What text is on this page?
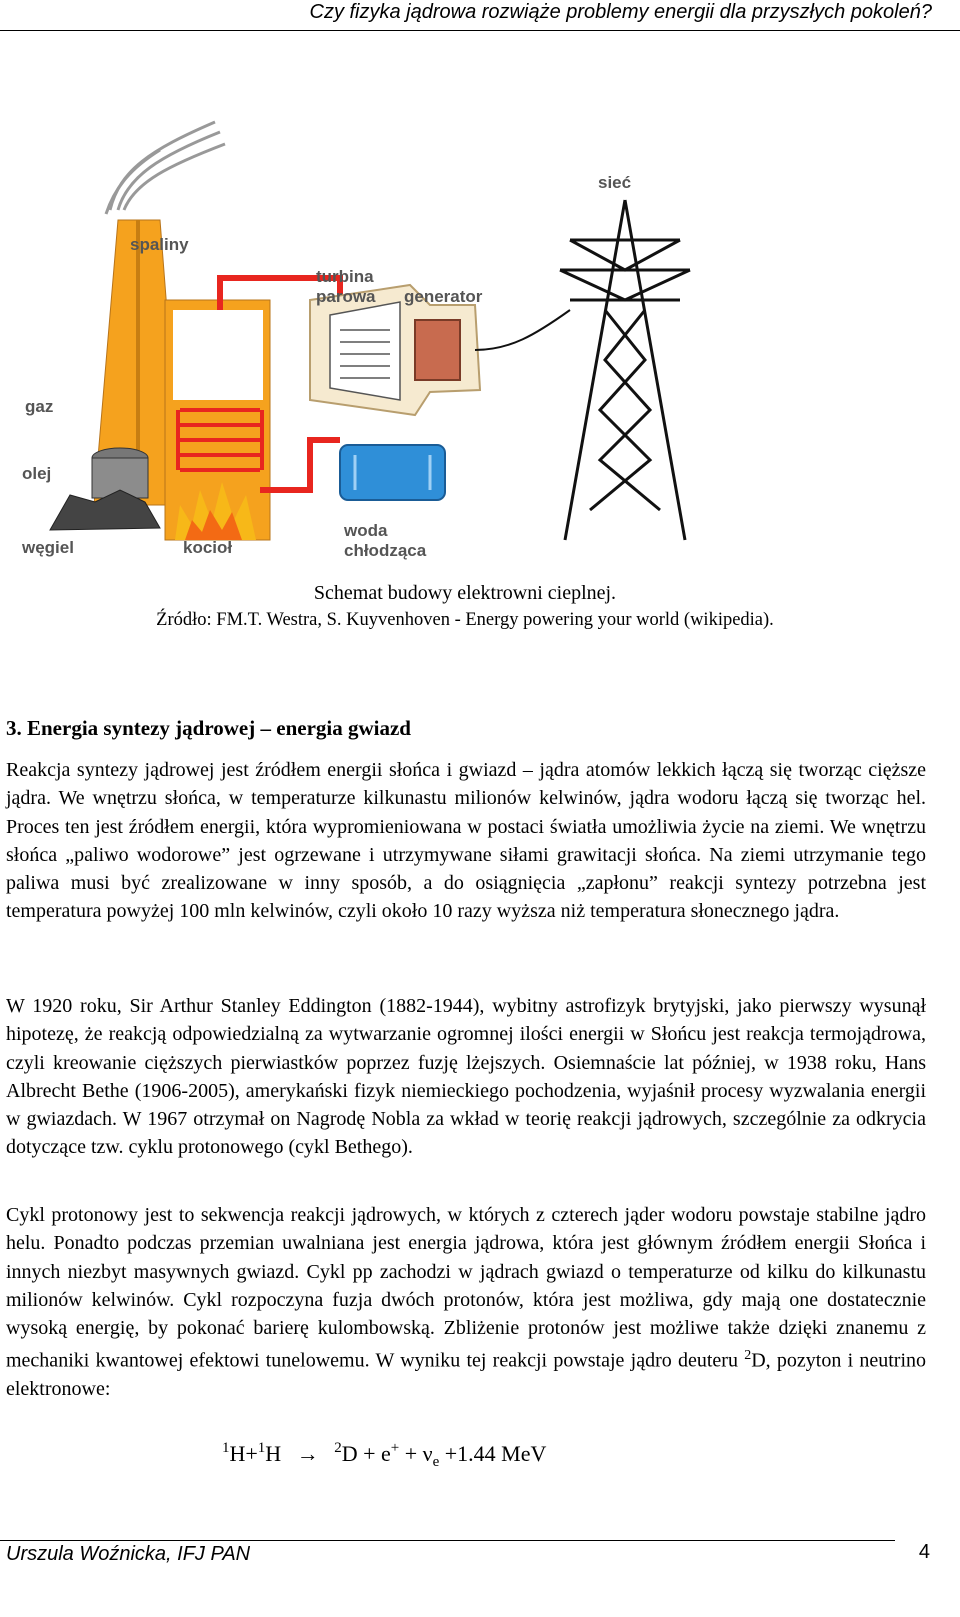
Czy fizyka jądrowa rozwiąże problemy energii dla przyszłych pokoleń?
spaliny
turbina
parowa generator
sieć
gaz
olej
węgiel	kocioł
woda
chłodząca
Schemat budowy elektrowni cieplnej.
Źródło: FM.T. Westra, S. Kuyvenhoven - Energy powering your world (wikipedia).
3. Energia syntezy jądrowej – energia gwiazd
Reakcja syntezy jądrowej jest źródłem energii słońca i gwiazd – jądra atomów lekkich łączą się tworząc cięższe jądra. We wnętrzu słońca, w temperaturze kilkunastu milionów kelwinów, jądra wodoru łączą się tworząc hel. Proces ten jest źródłem energii, która wypromieniowana w postaci światła umożliwia życie na ziemi. We wnętrzu słońca „paliwo wodorowe” jest ogrzewane i utrzymywane siłami grawitacji słońca. Na ziemi utrzymanie tego paliwa musi być zrealizowane w inny sposób, a do osiągnięcia „zapłonu” reakcji syntezy potrzebna jest temperatura powyżej 100 mln kelwinów, czyli około 10 razy wyższa niż temperatura słonecznego jądra.
W 1920 roku, Sir Arthur Stanley Eddington (1882-1944), wybitny astrofizyk brytyjski, jako pierwszy wysunął hipotezę, że reakcją odpowiedzialną za wytwarzanie ogromnej ilości energii w Słońcu jest reakcja termojądrowa, czyli kreowanie cięższych pierwiastków poprzez fuzję lżejszych. Osiemnaście lat później, w 1938 roku, Hans Albrecht Bethe (1906-2005), amerykański fizyk niemieckiego pochodzenia, wyjaśnił procesy wyzwalania energii w gwiazdach. W 1967 otrzymał on Nagrodę Nobla za wkład w teorię reakcji jądrowych, szczególnie za odkrycia dotyczące tzw. cyklu protonowego (cykl Bethego).
Cykl protonowy jest to sekwencja reakcji jądrowych, w których z czterech jąder wodoru powstaje stabilne jądro helu. Ponadto podczas przemian uwalniana jest energia jądrowa, która jest głównym źródłem energii Słońca i innych niezbyt masywnych gwiazd. Cykl pp zachodzi w jądrach gwiazd o temperaturze od kilku do kilkunastu milionów kelwinów. Cykl rozpoczyna fuzja dwóch protonów, która jest możliwa, gdy mają one dostatecznie wysoką energię, by pokonać barierę kulombowską. Zbliżenie protonów jest możliwe także dzięki znanemu z mechaniki kwantowej efektowi tunelowemu. W wyniku tej reakcji powstaje jądro deuteru $^2$D, pozyton i neutrino elektronowe:
$^1H+^1H \to ^2D + e^+ + \nu_e +1.44$ MeV
Urszula Woźnicka, IFJ PAN	4
